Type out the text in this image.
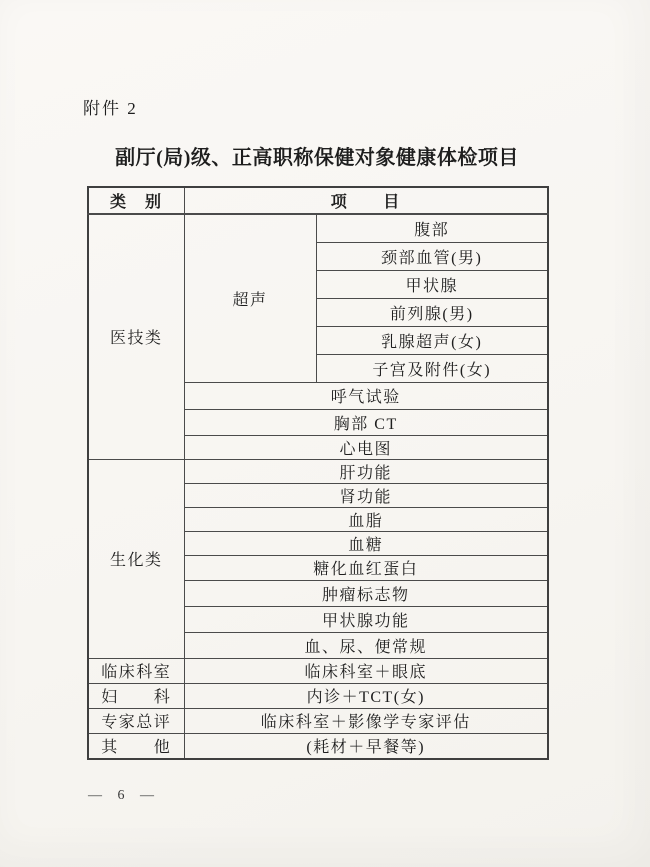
附件 2
副厅(局)级、正高职称保健对象健康体检项目
类　别	项　　目	
医技类	超声	腹部
		颈部血管(男)
		甲状腺
		前列腺(男)
		乳腺超声(女)
		子宫及附件(女)
	呼气试验	
	胸部 CT	
	心电图	
生化类	肝功能	
	肾功能	
	血脂	
	血糖	
	糖化血红蛋白	
	肿瘤标志物	
	甲状腺功能	
	血、尿、便常规	
临床科室	临床科室＋眼底	
妇　　科	内诊＋TCT(女)	
专家总评	临床科室＋影像学专家评估	
其　　他	(耗材＋早餐等)	
— 6 —
